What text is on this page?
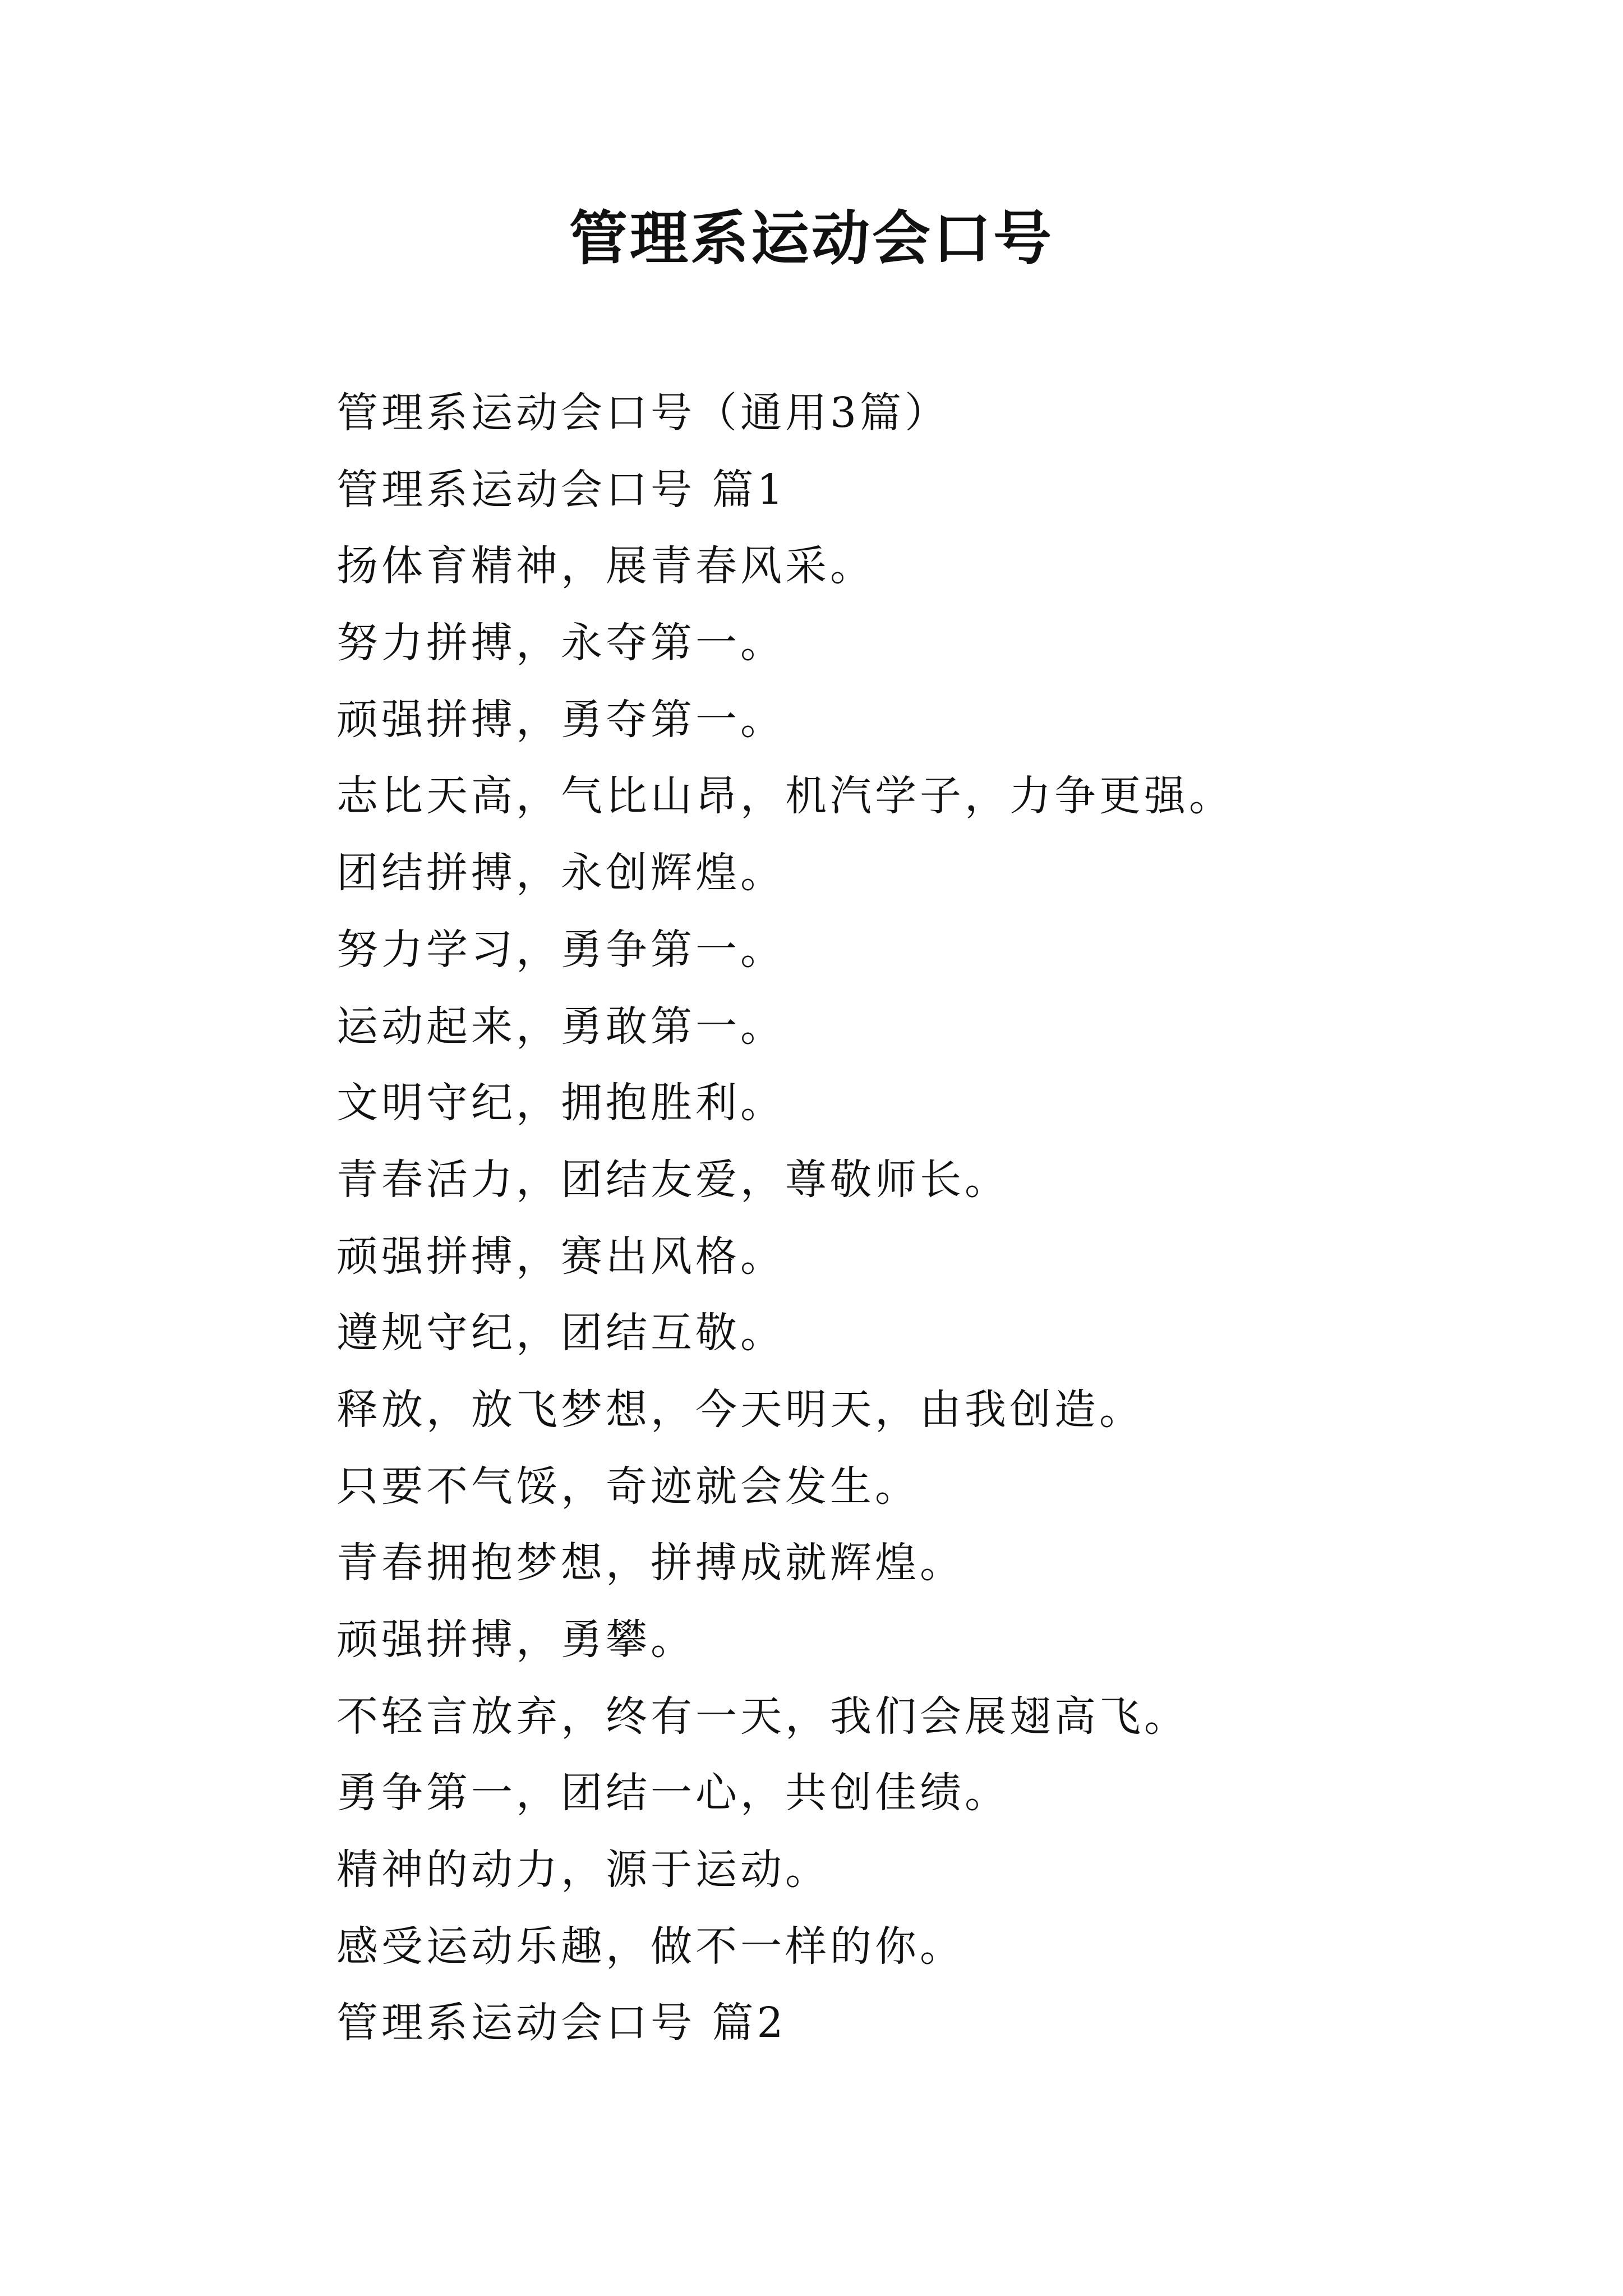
管理系运动会口号
管理系运动会口号（通用3篇）
管理系运动会口号 篇1
扬体育精神，展青春风采。
努力拼搏，永夺第一。
顽强拼搏，勇夺第一。
志比天高，气比山昂，机汽学子，力争更强。
团结拼搏，永创辉煌。
努力学习，勇争第一。
运动起来，勇敢第一。
文明守纪，拥抱胜利。
青春活力，团结友爱，尊敬师长。
顽强拼搏，赛出风格。
遵规守纪，团结互敬。
释放，放飞梦想，今天明天，由我创造。
只要不气馁，奇迹就会发生。
青春拥抱梦想，拼搏成就辉煌。
顽强拼搏，勇攀。
不轻言放弃，终有一天，我们会展翅高飞。
勇争第一，团结一心，共创佳绩。
精神的动力，源于运动。
感受运动乐趣，做不一样的你。
管理系运动会口号 篇2
